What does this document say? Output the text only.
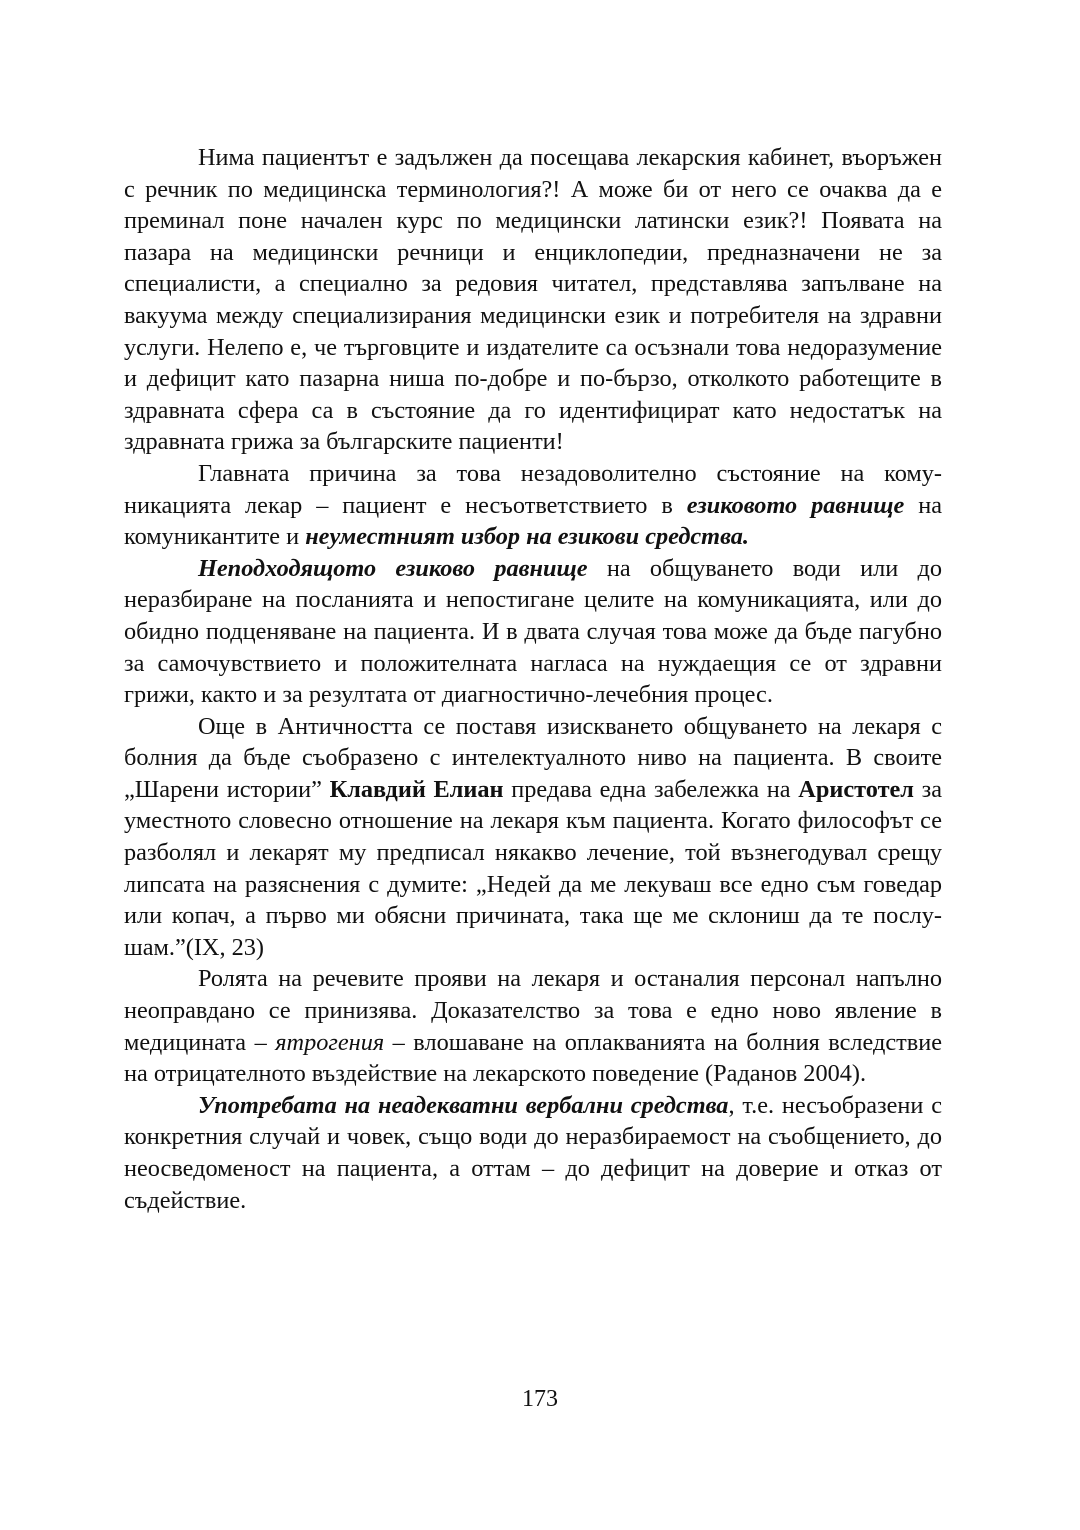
Нима пациентът е задължен да посещава лекарския кабинет, въоръжен с речник по медицинска терминология?! А може би от него се очаква да е преминал поне начален курс по медицински латински език?! Появата на пазара на медицински речници и енциклопедии, предназначени не за специалисти, а специално за редовия читател, представлява запълване на вакуума между специализирания медицински език и потребителя на здравни услуги. Нелепо е, че търговците и издателите са осъзнали това недоразумение и дефицит като пазарна ниша по-добре и по-бързо, отколкото работещите в здравната сфера са в състояние да го идентифицират като недостатък на здравната грижа за българските пациенти!

Главната причина за това незадоволително състояние на комуникацията лекар – пациент е несъответствието в езиковото равнище на комуникантите и неуместният избор на езикови средства.

Неподходящото езиково равнище на общуването води или до неразбиране на посланията и непостигане целите на комуникацията, или до обидно подценяване на пациента. И в двата случая това може да бъде пагубно за самочувствието и положителната нагласа на нуждаещия се от здравни грижи, както и за резултата от диагностично-лечебния процес.

Още в Античността се поставя изискването общуването на лекаря с болния да бъде съобразено с интелектуалното ниво на пациента. В своите „Шарени истории” Клавдий Елиан предава една забележка на Аристотел за уместното словесно отношение на лекаря към пациента. Когато философът се разболял и лекарят му предписал някакво лечение, той възнегодувал срещу липсата на разяснения с думите: „Недей да ме лекуваш все едно съм говедар или копач, а първо ми обясни причината, така ще ме склониш да те послушам.”(IX, 23)

Ролята на речевите прояви на лекаря и останалия персонал напълно неоправдано се принизява. Доказателство за това е едно ново явление в медицината – ятрогения – влошаване на оплакванията на болния вследствие на отрицателното въздействие на лекарското поведение (Раданов 2004).

Употребата на неадекватни вербални средства, т.е. несъобразени с конкретния случай и човек, също води до неразбираемост на съобщението, до неосведоменост на пациента, а оттам – до дефицит на доверие и отказ от съдействие.

173
